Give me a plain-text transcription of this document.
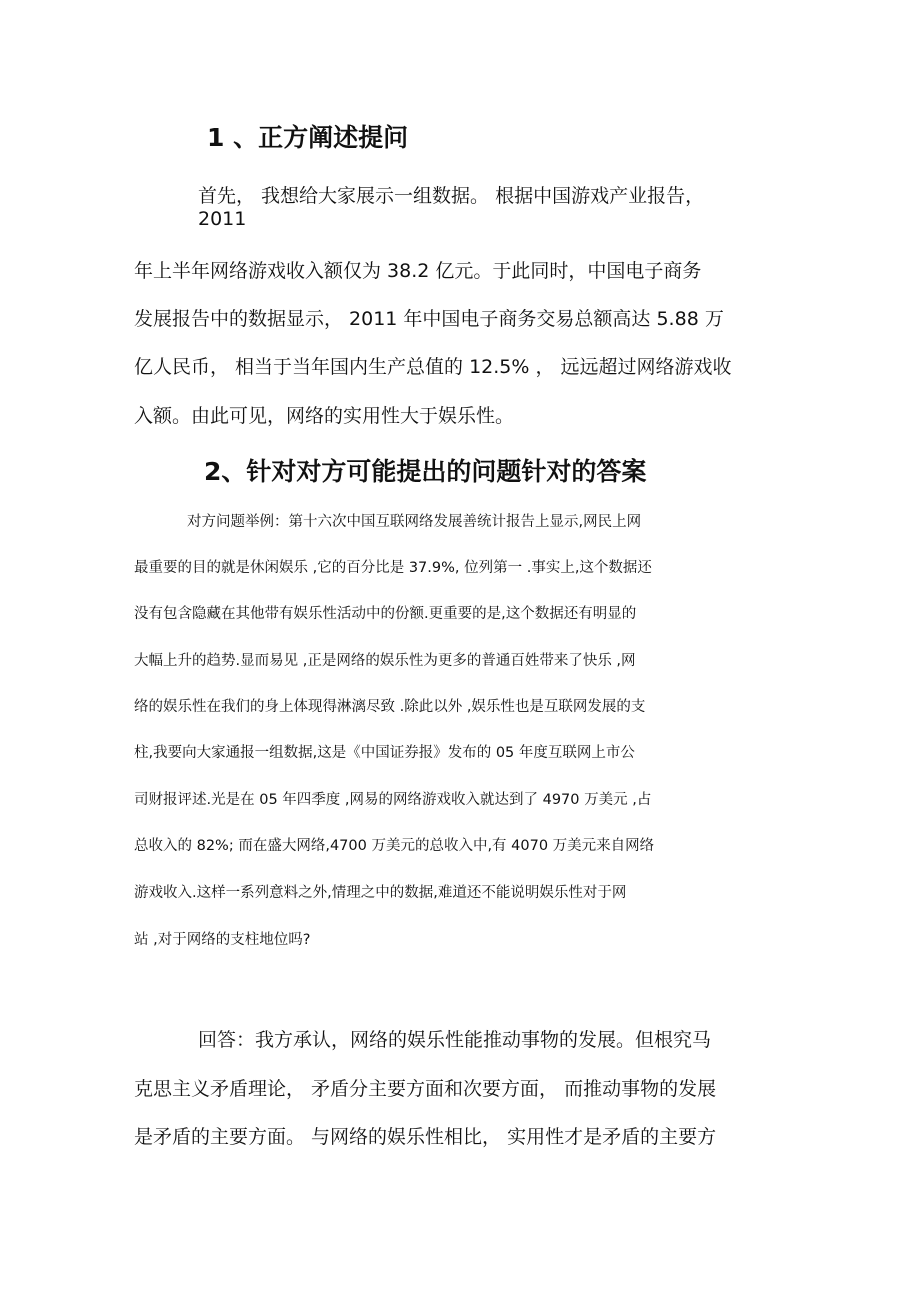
1 、正方阐述提问

首先， 我想给大家展示一组数据。 根据中国游戏产业报告，

2011

年上半年网络游戏收入额仅为 38.2 亿元。于此同时，中国电子商务

发展报告中的数据显示， 2011 年中国电子商务交易总额高达 5.88 万

亿人民币， 相当于当年国内生产总值的 12.5% ， 远远超过网络游戏收

入额。由此可见，网络的实用性大于娱乐性。

2、针对对方可能提出的问题针对的答案

对方问题举例：第十六次中国互联网络发展善统计报告上显示,网民上网

最重要的目的就是休闲娱乐 ,它的百分比是 37.9%, 位列第一 .事实上,这个数据还

没有包含隐藏在其他带有娱乐性活动中的份额.更重要的是,这个数据还有明显的

大幅上升的趋势.显而易见 ,正是网络的娱乐性为更多的普通百姓带来了快乐 ,网

络的娱乐性在我们的身上体现得淋漓尽致 .除此以外 ,娱乐性也是互联网发展的支

柱,我要向大家通报一组数据,这是《中国证券报》发布的 05 年度互联网上市公

司财报评述.光是在 05 年四季度 ,网易的网络游戏收入就达到了 4970 万美元 ,占

总收入的 82%; 而在盛大网络,4700 万美元的总收入中,有 4070 万美元来自网络

游戏收入.这样一系列意料之外,情理之中的数据,难道还不能说明娱乐性对于网

站 ,对于网络的支柱地位吗?

回答：我方承认，网络的娱乐性能推动事物的发展。但根究马

克思主义矛盾理论， 矛盾分主要方面和次要方面， 而推动事物的发展

是矛盾的主要方面。 与网络的娱乐性相比， 实用性才是矛盾的主要方
